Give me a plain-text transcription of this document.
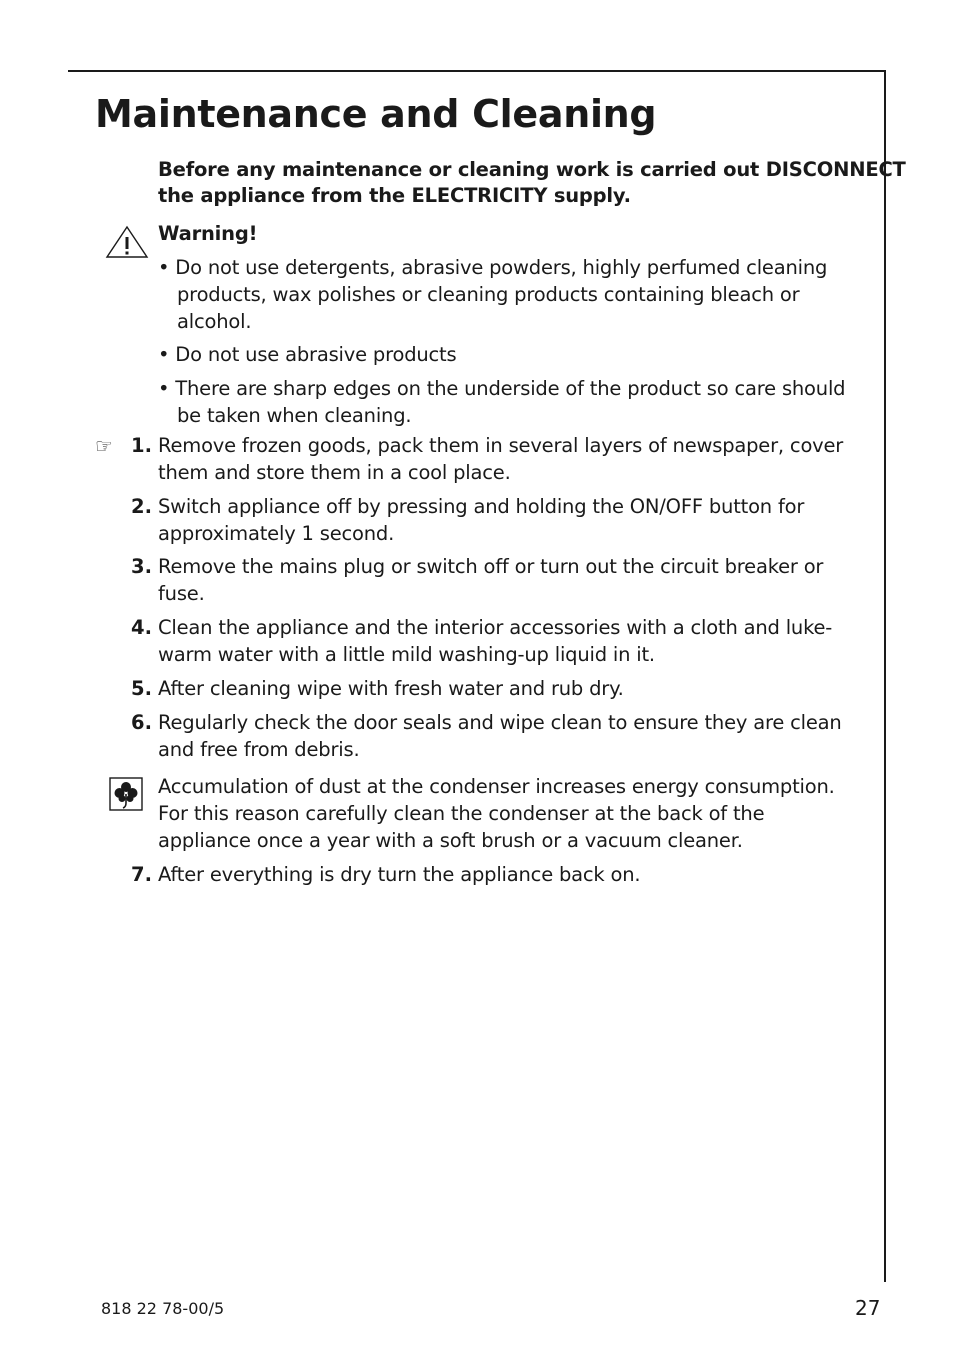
Maintenance and Cleaning
Before any maintenance or cleaning work is carried out DISCONNECT
the appliance from the ELECTRICITY supply.
Warning!
• Do not use detergents, abrasive powders, highly perfumed cleaning
products, wax polishes or cleaning products containing bleach or
alcohol.
• Do not use abrasive products
• There are sharp edges on the underside of the product so care should
be taken when cleaning.
☞ 1. Remove frozen goods, pack them in several layers of newspaper, cover
them and store them in a cool place.
2. Switch appliance off by pressing and holding the ON/OFF button for
approximately 1 second.
3. Remove the mains plug or switch off or turn out the circuit breaker or
fuse.
4. Clean the appliance and the interior accessories with a cloth and luke-
warm water with a little mild washing-up liquid in it.
5. After cleaning wipe with fresh water and rub dry.
6. Regularly check the door seals and wipe clean to ensure they are clean
and free from debris.
Accumulation of dust at the condenser increases energy consumption.
For this reason carefully clean the condenser at the back of the
appliance once a year with a soft brush or a vacuum cleaner.
7. After everything is dry turn the appliance back on.
818 22 78-00/5	27
